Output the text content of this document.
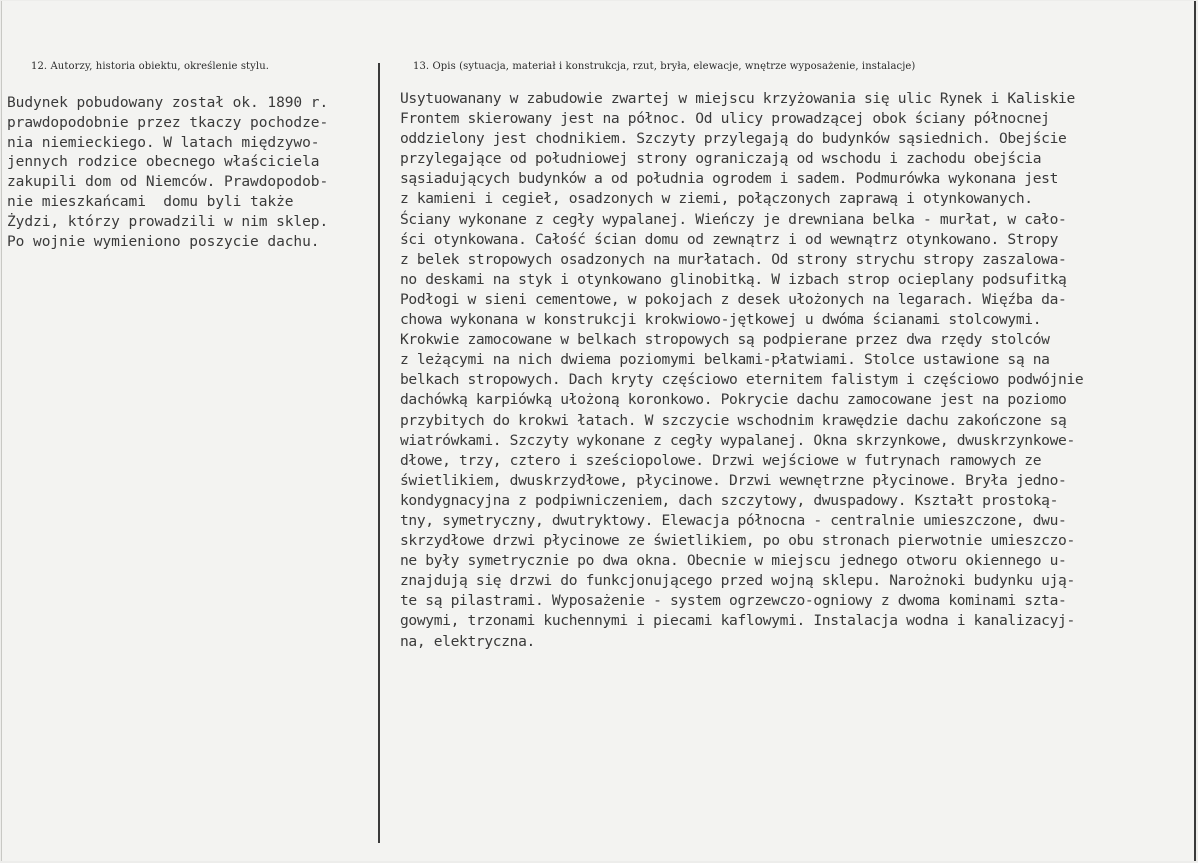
12. Autorzy, historia obiektu, określenie stylu.	13. Opis (sytuacja, materiał i konstrukcja, rzut, bryła, elewacje, wnętrze wyposażenie, instalacje)
Budynek pobudowany został ok. 1890 r.
prawdopodobnie przez tkaczy pochodze-
nia niemieckiego. W latach międzywo-
jennych rodzice obecnego właściciela
zakupili dom od Niemców. Prawdopodob-
nie mieszkańcami  domu byli także
Żydzi, którzy prowadzili w nim sklep.
Po wojnie wymieniono poszycie dachu.
Usytuowanany w zabudowie zwartej w miejscu krzyżowania się ulic Rynek i Kaliskie
Frontem skierowany jest na północ. Od ulicy prowadzącej obok ściany północnej
oddzielony jest chodnikiem. Szczyty przylegają do budynków sąsiednich. Obejście
przylegające od południowej strony ograniczają od wschodu i zachodu obejścia
sąsiadujących budynków a od południa ogrodem i sadem. Podmurówka wykonana jest
z kamieni i cegieł, osadzonych w ziemi, połączonych zaprawą i otynkowanych.
Ściany wykonane z cegły wypalanej. Wieńczy je drewniana belka - murłat, w cało-
ści otynkowana. Całość ścian domu od zewnątrz i od wewnątrz otynkowano. Stropy
z belek stropowych osadzonych na murłatach. Od strony strychu stropy zaszalowa-
no deskami na styk i otynkowano glinobitką. W izbach strop ocieplany podsufitką
Podłogi w sieni cementowe, w pokojach z desek ułożonych na legarach. Więźba da-
chowa wykonana w konstrukcji krokwiowo-jętkowej u dwóma ścianami stolcowymi.
Krokwie zamocowane w belkach stropowych są podpierane przez dwa rzędy stolców
z leżącymi na nich dwiema poziomymi belkami-płatwiami. Stolce ustawione są na
belkach stropowych. Dach kryty częściowo eternitem falistym i częściowo podwójnie
dachówką karpiówką ułożoną koronkowo. Pokrycie dachu zamocowane jest na poziomo
przybitych do krokwi łatach. W szczycie wschodnim krawędzie dachu zakończone są
wiatrówkami. Szczyty wykonane z cegły wypalanej. Okna skrzynkowe, dwuskrzynkowe-
dłowe, trzy, cztero i sześciopolowe. Drzwi wejściowe w futrynach ramowych ze
świetlikiem, dwuskrzydłowe, płycinowe. Drzwi wewnętrzne płycinowe. Bryła jedno-
kondygnacyjna z podpiwniczeniem, dach szczytowy, dwuspadowy. Kształt prostoką-
tny, symetryczny, dwutryktowy. Elewacja północna - centralnie umieszczone, dwu-
skrzydłowe drzwi płycinowe ze świetlikiem, po obu stronach pierwotnie umieszczo-
ne były symetrycznie po dwa okna. Obecnie w miejscu jednego otworu okiennego u-
znajdują się drzwi do funkcjonującego przed wojną sklepu. Narożnoki budynku ują-
te są pilastrami. Wyposażenie - system ogrzewczo-ogniowy z dwoma kominami szta-
gowymi, trzonami kuchennymi i piecami kaflowymi. Instalacja wodna i kanalizacyj-
na, elektryczna.
